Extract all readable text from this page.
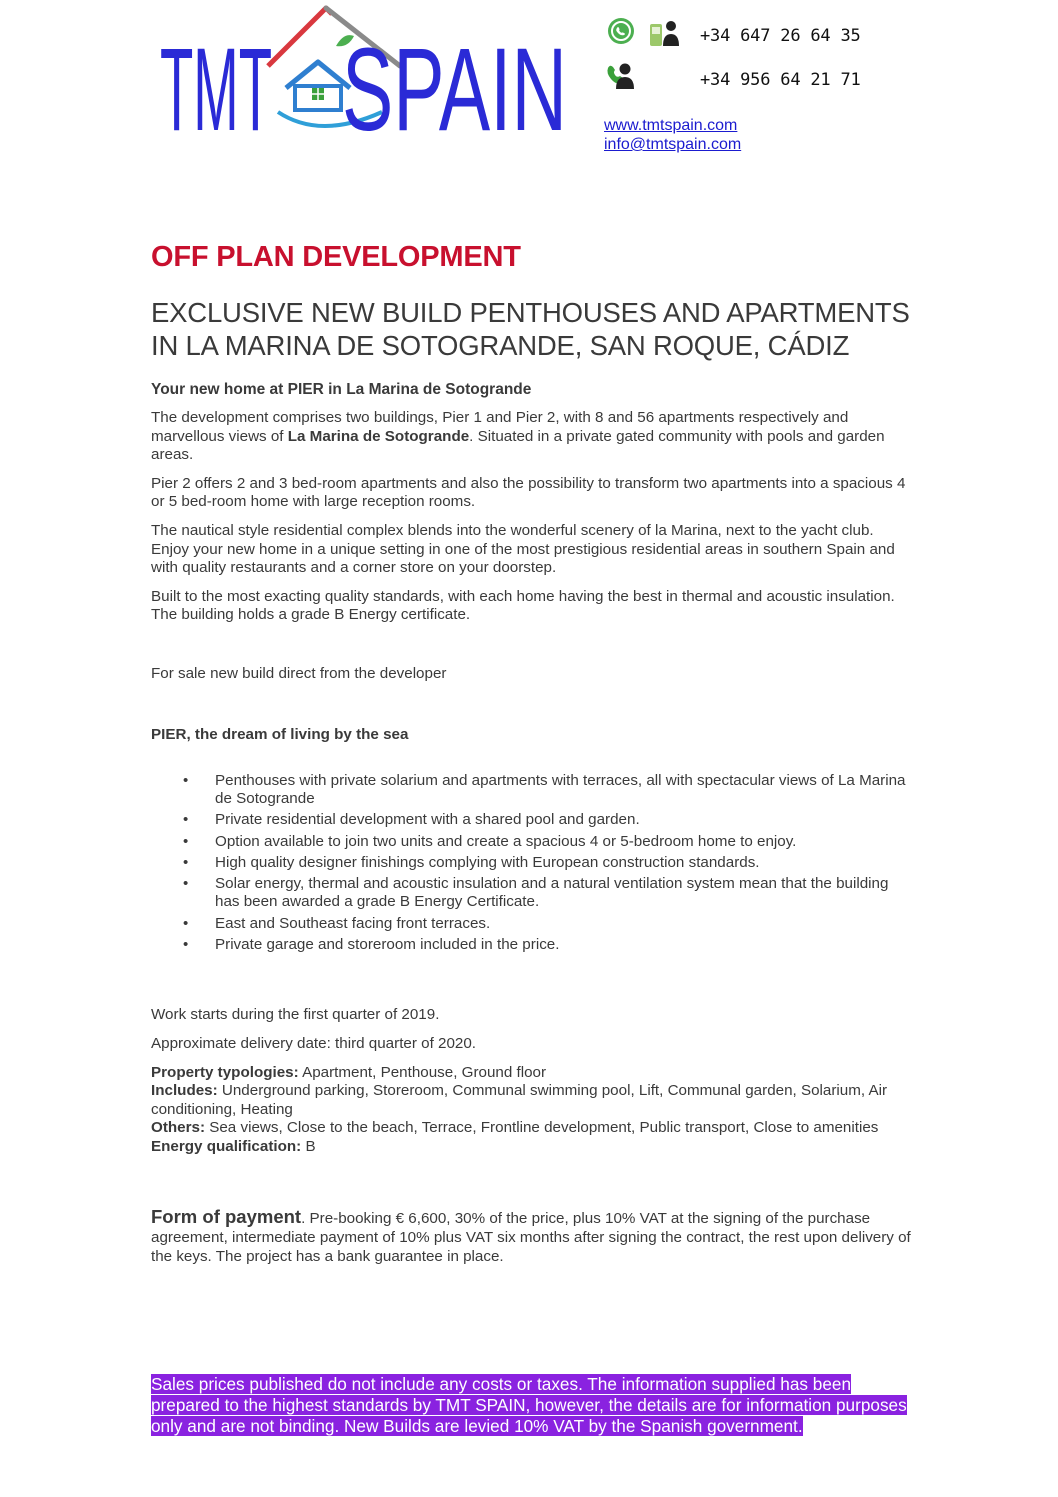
TMT SPAIN	+34 647 26 64 35
+34 956 64 21 71
www.tmtspain.com
info@tmtspain.com
OFF PLAN DEVELOPMENT
EXCLUSIVE NEW BUILD PENTHOUSES AND APARTMENTS IN LA MARINA DE SOTOGRANDE, SAN ROQUE, CÁDIZ
Your new home at PIER in La Marina de Sotogrande

The development comprises two buildings, Pier 1 and Pier 2, with 8 and 56 apartments respectively and marvellous views of La Marina de Sotogrande. Situated in a private gated community with pools and garden areas.

Pier 2 offers 2 and 3 bed-room apartments and also the possibility to transform two apartments into a spacious 4 or 5 bed-room home with large reception rooms.

The nautical style residential complex blends into the wonderful scenery of la Marina, next to the yacht club. Enjoy your new home in a unique setting in one of the most prestigious residential areas in southern Spain and with quality restaurants and a corner store on your doorstep.

Built to the most exacting quality standards, with each home having the best in thermal and acoustic insulation. The building holds a grade B Energy certificate.

For sale new build direct from the developer

PIER, the dream of living by the sea

• Penthouses with private solarium and apartments with terraces, all with spectacular views of La Marina de Sotogrande
• Private residential development with a shared pool and garden.
• Option available to join two units and create a spacious 4 or 5-bedroom home to enjoy.
• High quality designer finishings complying with European construction standards.
• Solar energy, thermal and acoustic insulation and a natural ventilation system mean that the building has been awarded a grade B Energy Certificate.
• East and Southeast facing front terraces.
• Private garage and storeroom included in the price.

Work starts during the first quarter of 2019.

Approximate delivery date: third quarter of 2020.

Property typologies: Apartment, Penthouse, Ground floor
Includes: Underground parking, Storeroom, Communal swimming pool, Lift, Communal garden, Solarium, Air conditioning, Heating
Others: Sea views, Close to the beach, Terrace, Frontline development, Public transport, Close to amenities
Energy qualification: B

Form of payment. Pre-booking € 6,600, 30% of the price, plus 10% VAT at the signing of the purchase agreement, intermediate payment of 10% plus VAT six months after signing the contract, the rest upon delivery of the keys. The project has a bank guarantee in place.

Sales prices published do not include any costs or taxes. The information supplied has been prepared to the highest standards by TMT SPAIN, however, the details are for information purposes only and are not binding. New Builds are levied 10% VAT by the Spanish government.
